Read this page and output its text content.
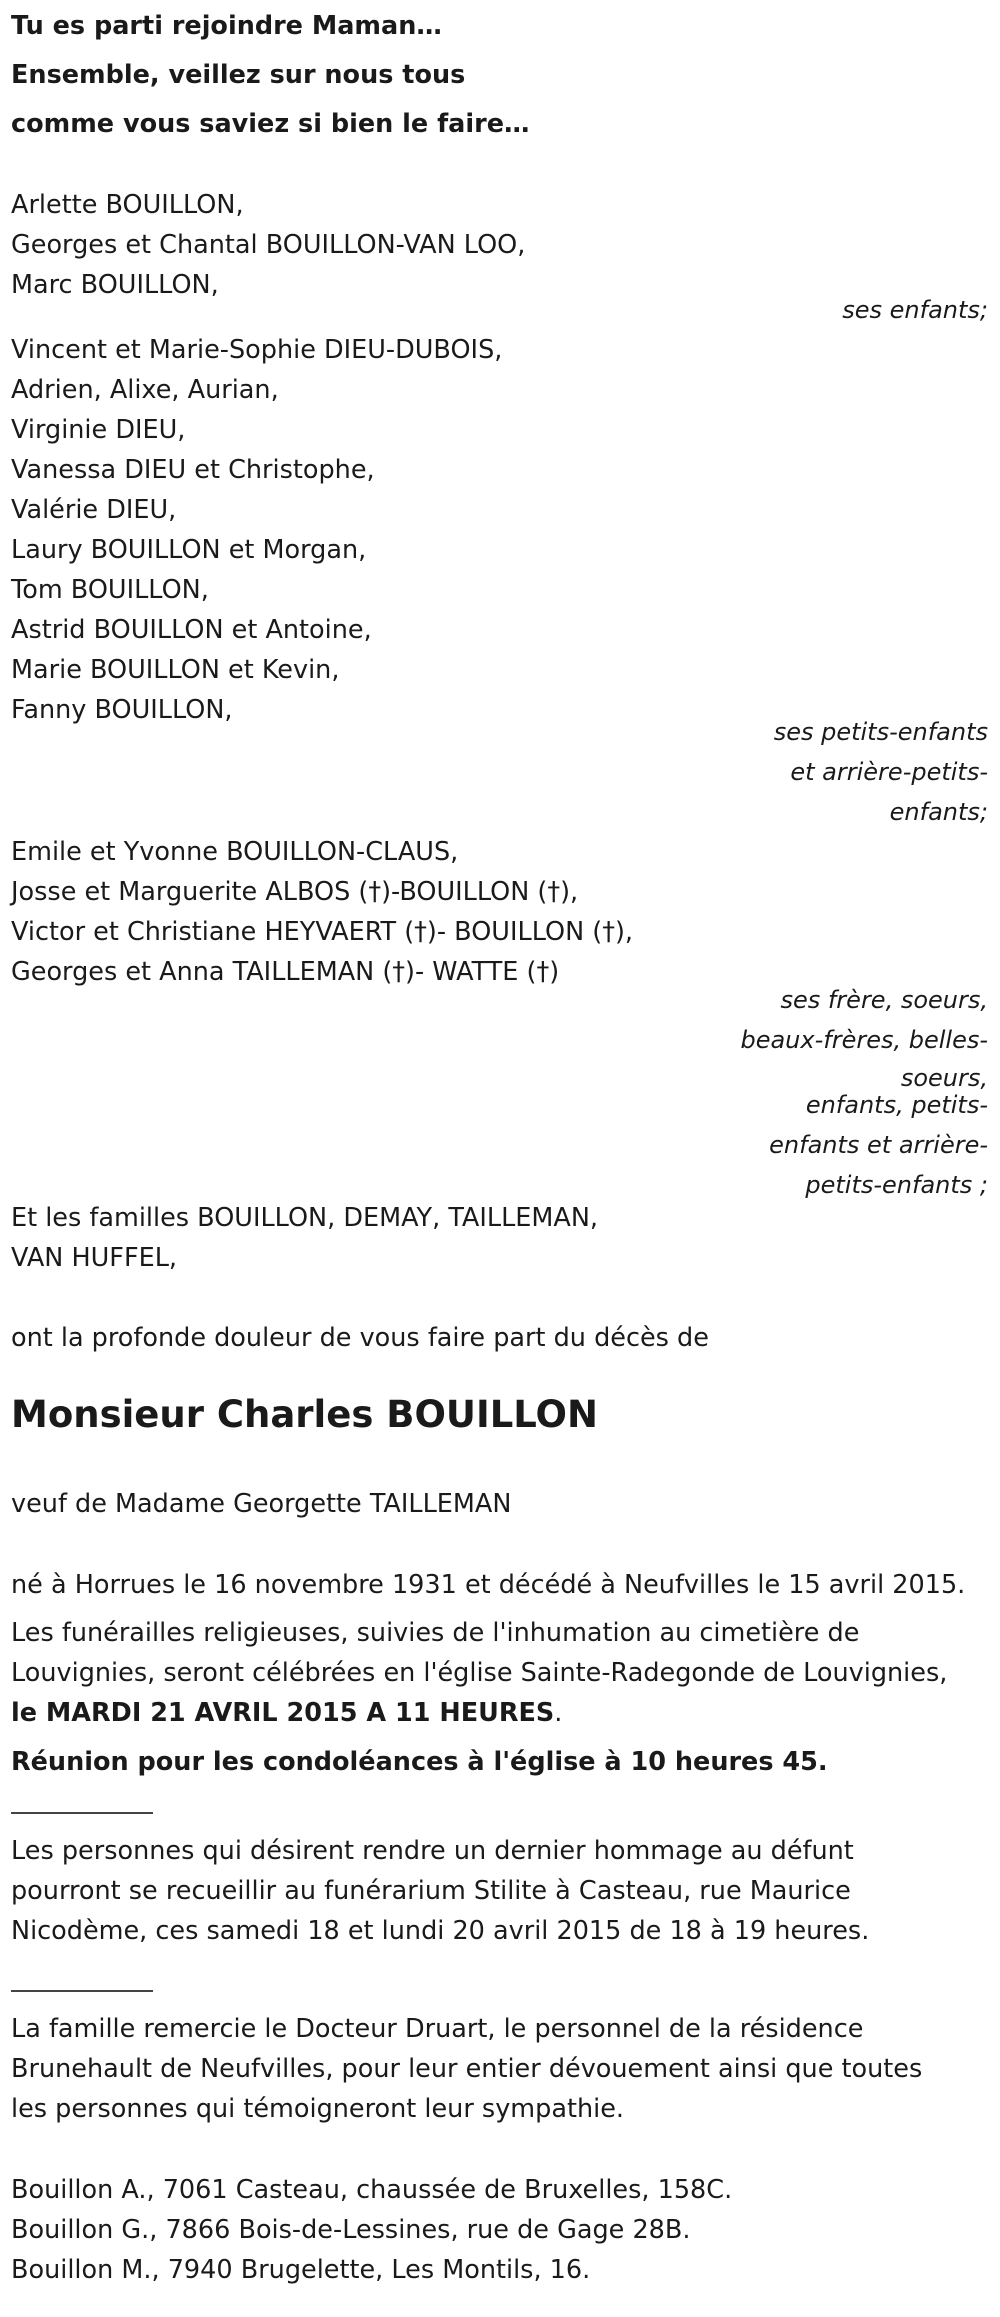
Tu es parti rejoindre Maman…
Ensemble, veillez sur nous tous
comme vous saviez si bien le faire…
Arlette BOUILLON,
Georges et Chantal BOUILLON-VAN LOO,
Marc BOUILLON,
ses enfants;
Vincent et Marie-Sophie DIEU-DUBOIS,
Adrien, Alixe, Aurian,
Virginie DIEU,
Vanessa DIEU et Christophe,
Valérie DIEU,
Laury BOUILLON et Morgan,
Tom BOUILLON,
Astrid BOUILLON et Antoine,
Marie BOUILLON et Kevin,
Fanny BOUILLON,
ses petits-enfants
et arrière-petits-
enfants;
Emile et Yvonne BOUILLON-CLAUS,
Josse et Marguerite ALBOS (†)-BOUILLON (†),
Victor et Christiane HEYVAERT (†)- BOUILLON (†),
Georges et Anna TAILLEMAN (†)- WATTE (†)
ses frère, soeurs,
beaux-frères, belles-
soeurs,
enfants, petits-
enfants et arrière-
petits-enfants ;
Et les familles BOUILLON, DEMAY, TAILLEMAN,
VAN HUFFEL,
ont la profonde douleur de vous faire part du décès de
Monsieur Charles BOUILLON
veuf de Madame Georgette TAILLEMAN
né à Horrues le 16 novembre 1931 et décédé à Neufvilles le 15 avril 2015.
Les funérailles religieuses, suivies de l'inhumation au cimetière de
Louvignies, seront célébrées en l'église Sainte-Radegonde de Louvignies,
le MARDI 21 AVRIL 2015 A 11 HEURES.
Réunion pour les condoléances à l'église à 10 heures 45.
Les personnes qui désirent rendre un dernier hommage au défunt
pourront se recueillir au funérarium Stilite à Casteau, rue Maurice
Nicodème, ces samedi 18 et lundi 20 avril 2015 de 18 à 19 heures.
La famille remercie le Docteur Druart, le personnel de la résidence
Brunehault de Neufvilles, pour leur entier dévouement ainsi que toutes
les personnes qui témoigneront leur sympathie.
Bouillon A., 7061 Casteau, chaussée de Bruxelles, 158C.
Bouillon G., 7866 Bois-de-Lessines, rue de Gage 28B.
Bouillon M., 7940 Brugelette, Les Montils, 16.
